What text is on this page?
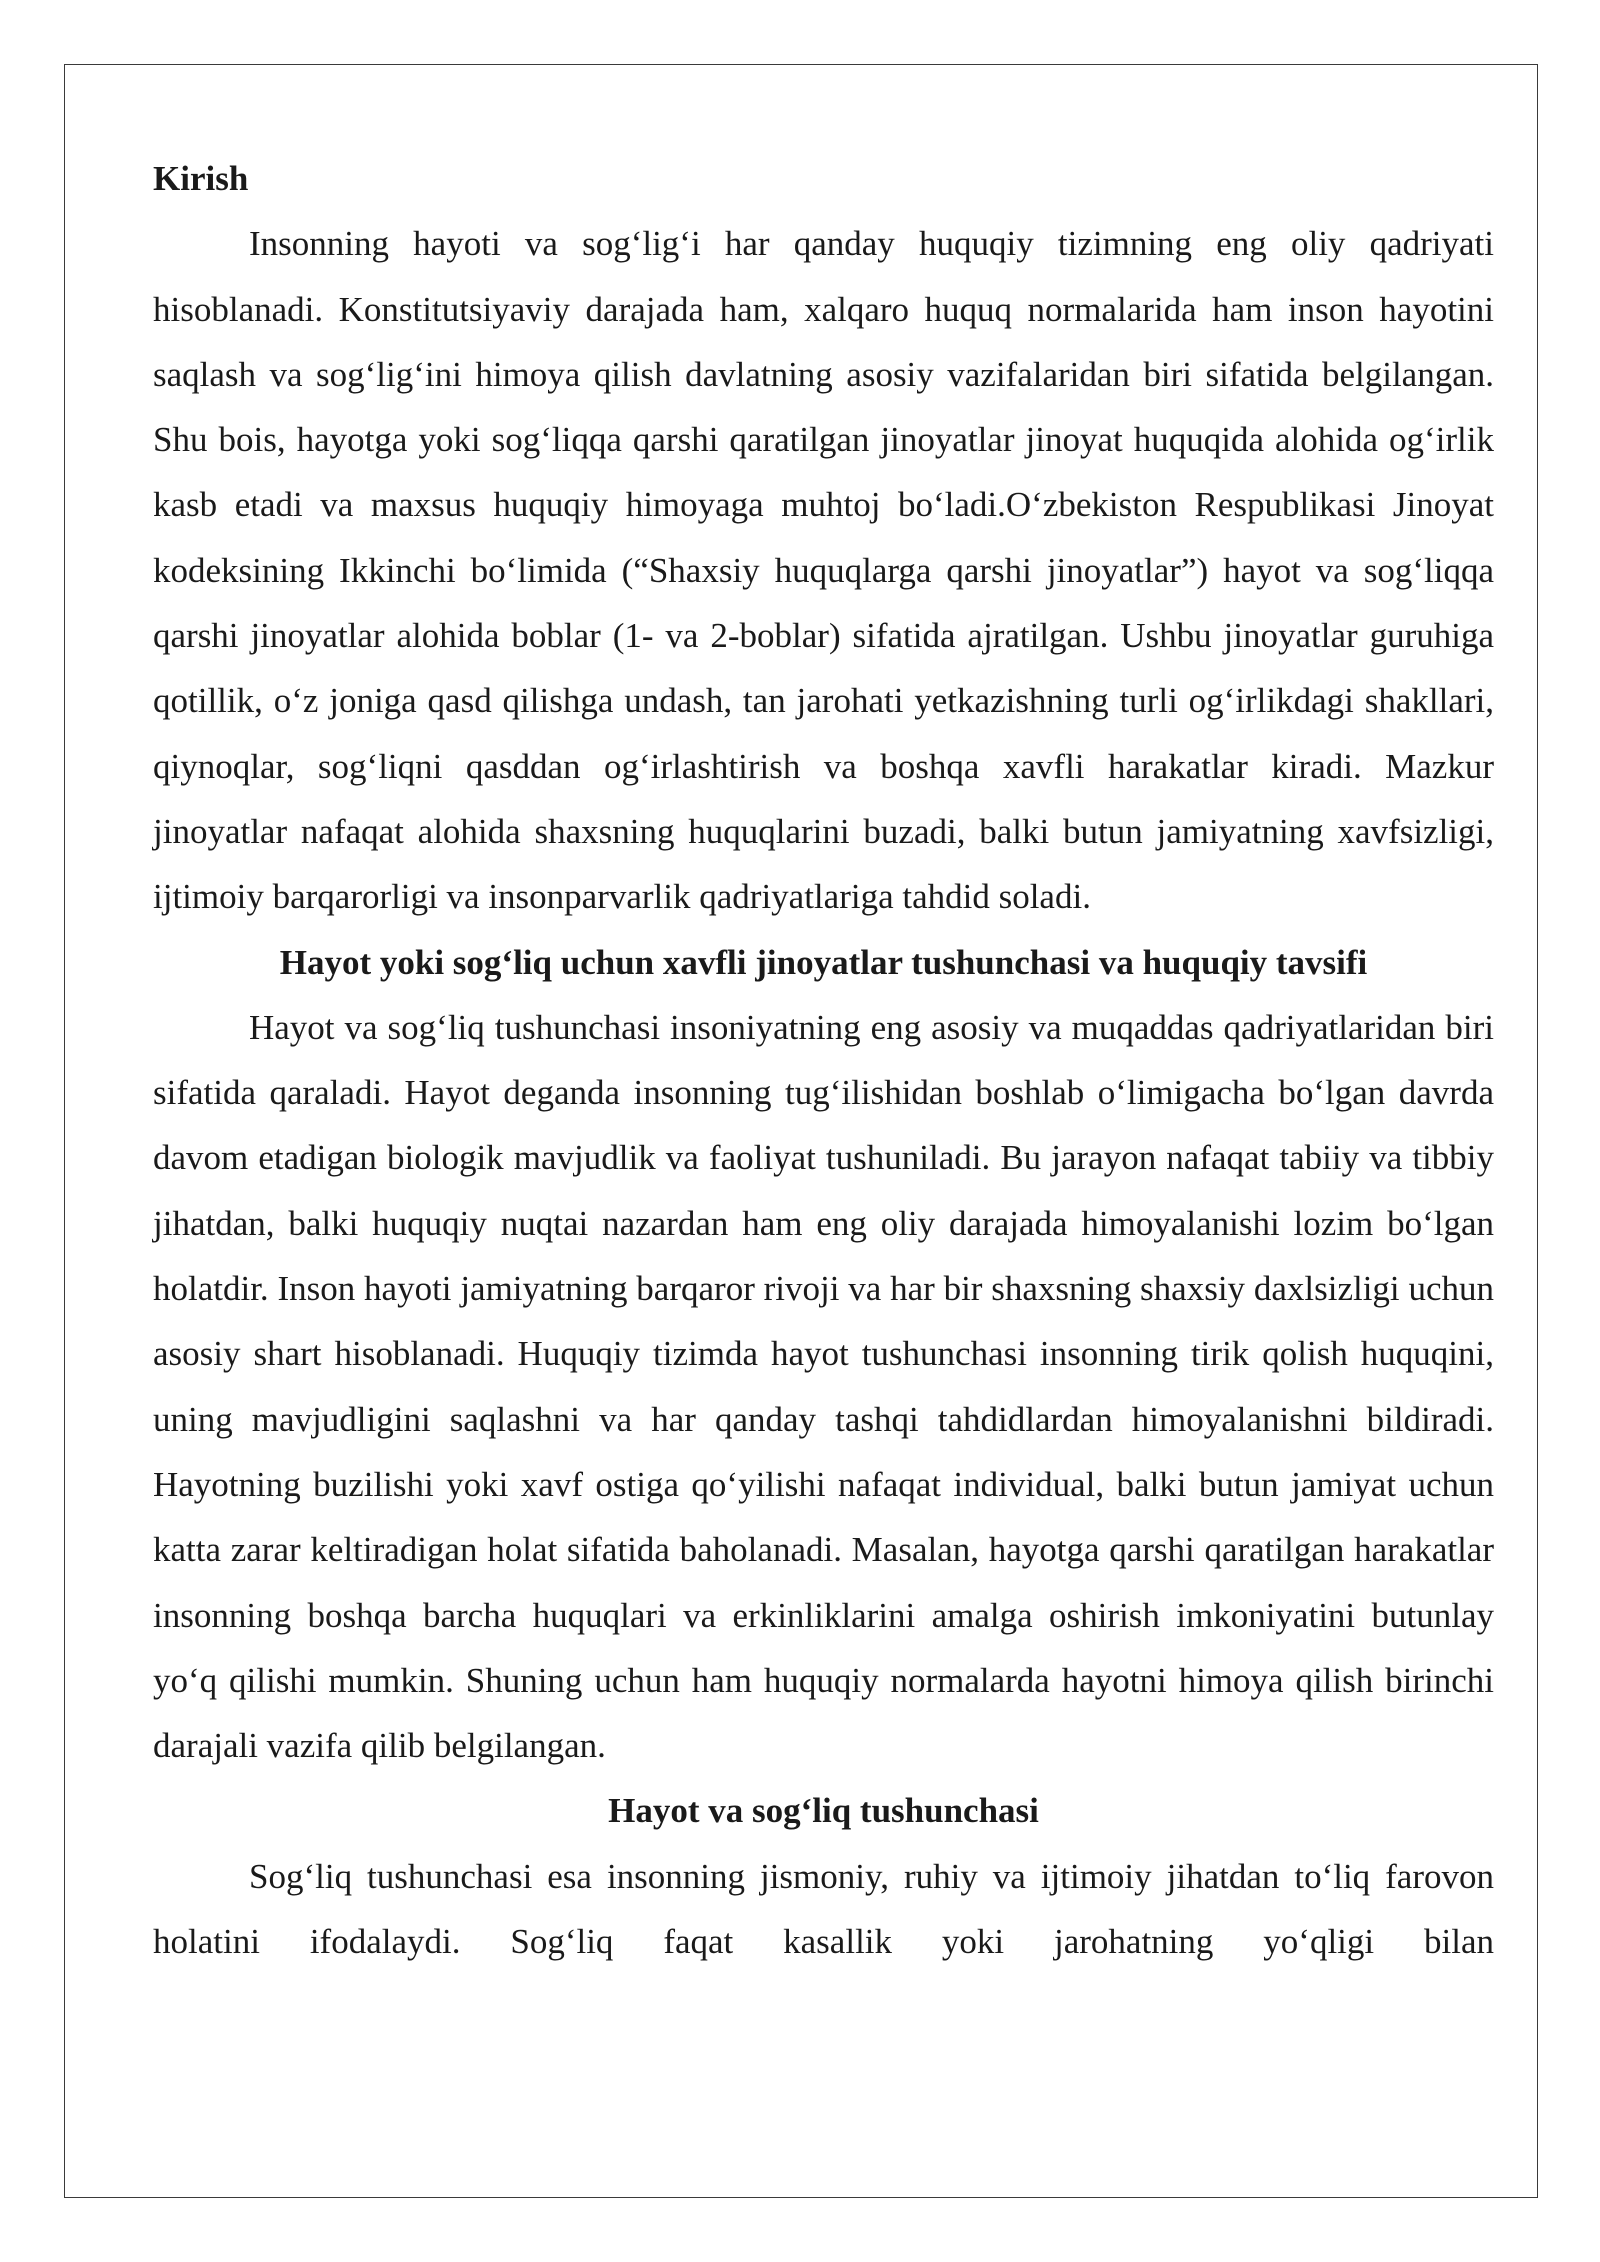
Kirish

Insonning hayoti va sog‘lig‘i har qanday huquqiy tizimning eng oliy qadriyati hisoblanadi. Konstitutsiyaviy darajada ham, xalqaro huquq normalarida ham inson hayotini saqlash va sog‘lig‘ini himoya qilish davlatning asosiy vazifalaridan biri sifatida belgilangan. Shu bois, hayotga yoki sog‘liqqa qarshi qaratilgan jinoyatlar jinoyat huquqida alohida og‘irlik kasb etadi va maxsus huquqiy himoyaga muhtoj bo‘ladi.O‘zbekiston Respublikasi Jinoyat kodeksining Ikkinchi bo‘limida (“Shaxsiy huquqlarga qarshi jinoyatlar”) hayot va sog‘liqqa qarshi jinoyatlar alohida boblar (1- va 2-boblar) sifatida ajratilgan. Ushbu jinoyatlar guruhiga qotillik, o‘z joniga qasd qilishga undash, tan jarohati yetkazishning turli og‘irlikdagi shakllari, qiynoqlar, sog‘liqni qasddan og‘irlashtirish va boshqa xavfli harakatlar kiradi. Mazkur jinoyatlar nafaqat alohida shaxsning huquqlarini buzadi, balki butun jamiyatning xavfsizligi, ijtimoiy barqarorligi va insonparvarlik qadriyatlariga tahdid soladi.

Hayot yoki sog‘liq uchun xavfli jinoyatlar tushunchasi va huquqiy tavsifi

Hayot va sog‘liq tushunchasi insoniyatning eng asosiy va muqaddas qadriyatlaridan biri sifatida qaraladi. Hayot deganda insonning tug‘ilishidan boshlab o‘limigacha bo‘lgan davrda davom etadigan biologik mavjudlik va faoliyat tushuniladi. Bu jarayon nafaqat tabiiy va tibbiy jihatdan, balki huquqiy nuqtai nazardan ham eng oliy darajada himoyalanishi lozim bo‘lgan holatdir. Inson hayoti jamiyatning barqaror rivoji va har bir shaxsning shaxsiy daxlsizligi uchun asosiy shart hisoblanadi. Huquqiy tizimda hayot tushunchasi insonning tirik qolish huquqini, uning mavjudligini saqlashni va har qanday tashqi tahdidlardan himoyalanishni bildiradi. Hayotning buzilishi yoki xavf ostiga qo‘yilishi nafaqat individual, balki butun jamiyat uchun katta zarar keltiradigan holat sifatida baholanadi. Masalan, hayotga qarshi qaratilgan harakatlar insonning boshqa barcha huquqlari va erkinliklarini amalga oshirish imkoniyatini butunlay yo‘q qilishi mumkin. Shuning uchun ham huquqiy normalarda hayotni himoya qilish birinchi darajali vazifa qilib belgilangan.

Hayot va sog‘liq tushunchasi

Sog‘liq tushunchasi esa insonning jismoniy, ruhiy va ijtimoiy jihatdan to‘liq farovon holatini ifodalaydi. Sog‘liq faqat kasallik yoki jarohatning yo‘qligi bilan
